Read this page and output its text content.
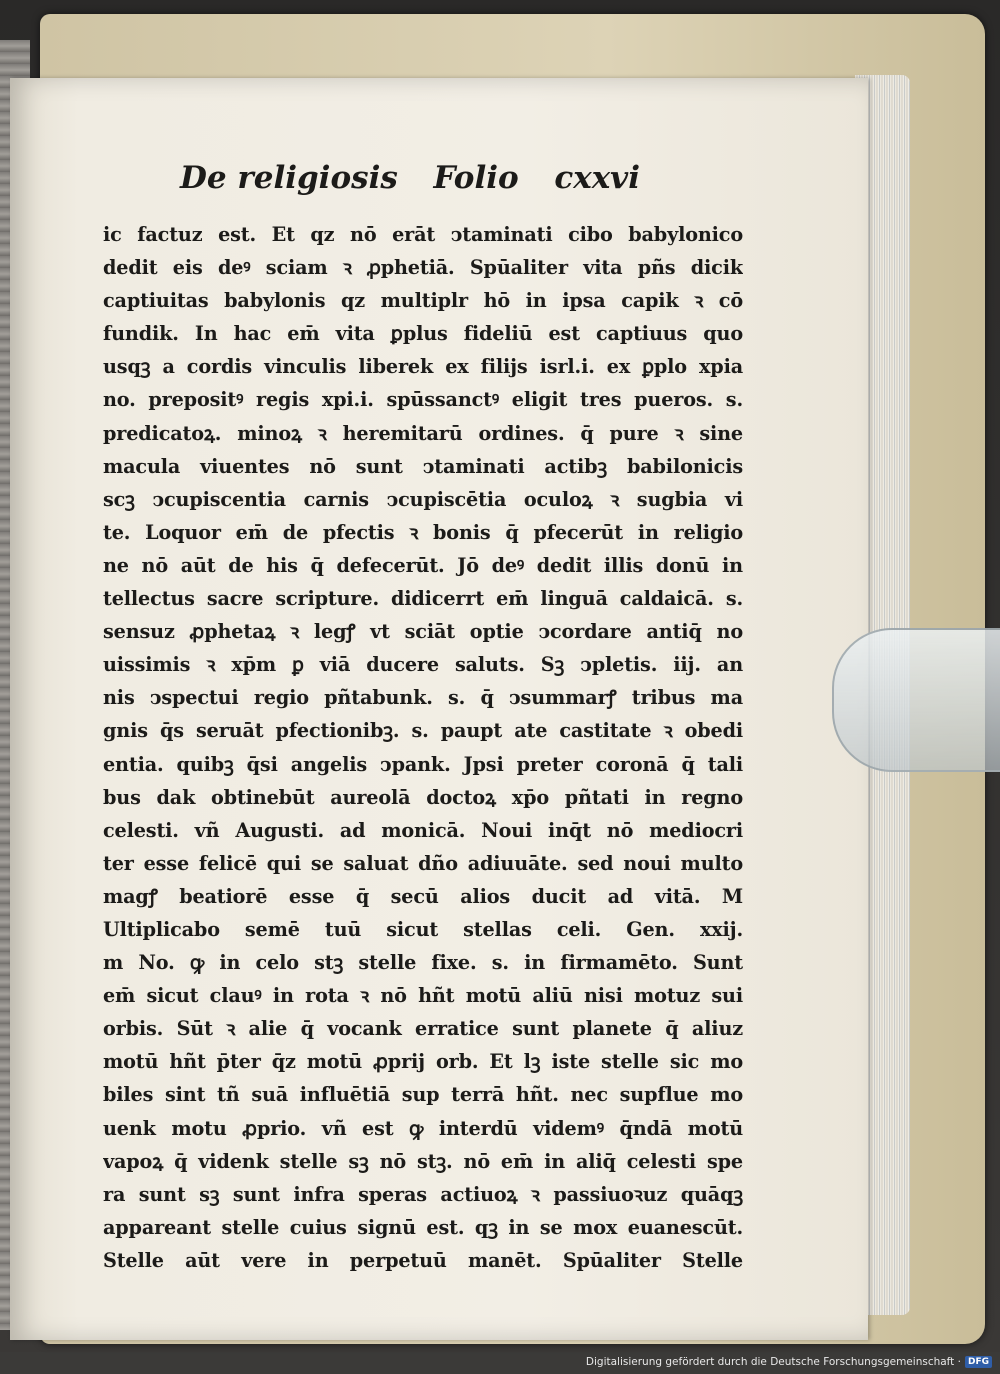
De religiosis Folio cxxvi
ic factuz est. Et qz nō erāt ↄtaminati cibo babylonico
dedit eis deꝰ sciam ꝛ ꝓphetiā. Spūaliter vita pñs dicik
captiuitas babylonis qz multiplr hō in ipsa capik ꝛ cō
fundik. In hac em̄ vita ꝑplus fideliū est captiuus quo
usqꝫ a cordis vinculis liberek ex filijs isrl.i. ex ꝑplo xpia
no. prepositꝰ regis xpi.i. spūssanctꝰ eligit tres pueros. s.
predicatoꝝ. minoꝝ ꝛ heremitarū ordines. q̄ pure ꝛ sine
macula viuentes nō sunt ↄtaminati actibꝫ babilonicis
scꝫ ↄcupiscentia carnis ↄcupiscētia oculoꝝ ꝛ sugbia vi
te. Loquor em̄ de pfectis ꝛ bonis q̄ pfecerūt in religio
ne nō aūt de his q̄ defecerūt. Jō deꝰ dedit illis donū in
tellectus sacre scripture. didicerrt em̄ linguā caldaicā. s.
sensuz ꝓphetaꝝ ꝛ legꝭ vt sciāt optie ↄcordare antiq̄ no
uissimis ꝛ xp̄m ꝑ viā ducere saluts. Sꝫ ↄpletis. iij. an
nis ↄspectui regio pñtabunk. s. q̄ ↄsummarꝭ tribus ma
gnis q̄s seruāt pfectionibꝫ. s. paupt ate castitate ꝛ obedi
entia. quibꝫ q̄si angelis ↄpank. Jpsi preter coronā q̄ tali
bus dak obtinebūt aureolā doctoꝝ xp̄o pñtati in regno
celesti. vñ Augusti. ad monicā. Noui inq̄t nō mediocri
ter esse felicē qui se saluat dño adiuuāte. sed noui multo
magꝭ beatiorē esse q̄ secū alios ducit ad vitā. M
Ultiplicabo semē tuū sicut stellas celi. Gen. xxij.
m No. ꝙ in celo stꝫ stelle fixe. s. in firmamēto. Sunt
em̄ sicut clauꝰ in rota ꝛ nō hñt motū aliū nisi motuz sui
orbis. Sūt ꝛ alie q̄ vocank erratice sunt planete q̄ aliuz
motū hñt p̄ter q̄z motū ꝓprij orb. Et lꝫ iste stelle sic mo
biles sint tñ suā influētiā sup terrā hñt. nec supflue mo
uenk motu ꝓprio. vñ est ꝙ interdū videmꝰ q̄ndā motū
vapoꝝ q̄ videnk stelle sꝫ nō stꝫ. nō em̄ in aliq̄ celesti spe
ra sunt sꝫ sunt infra speras actiuoꝝ ꝛ passiuoꝛuz quāqꝫ
appareant stelle cuius signū est. qꝫ in se mox euanescūt.
Stelle aūt vere in perpetuū manēt. Spūaliter Stelle
Digitalisierung gefördert durch die Deutsche Forschungsgemeinschaft · DFG
